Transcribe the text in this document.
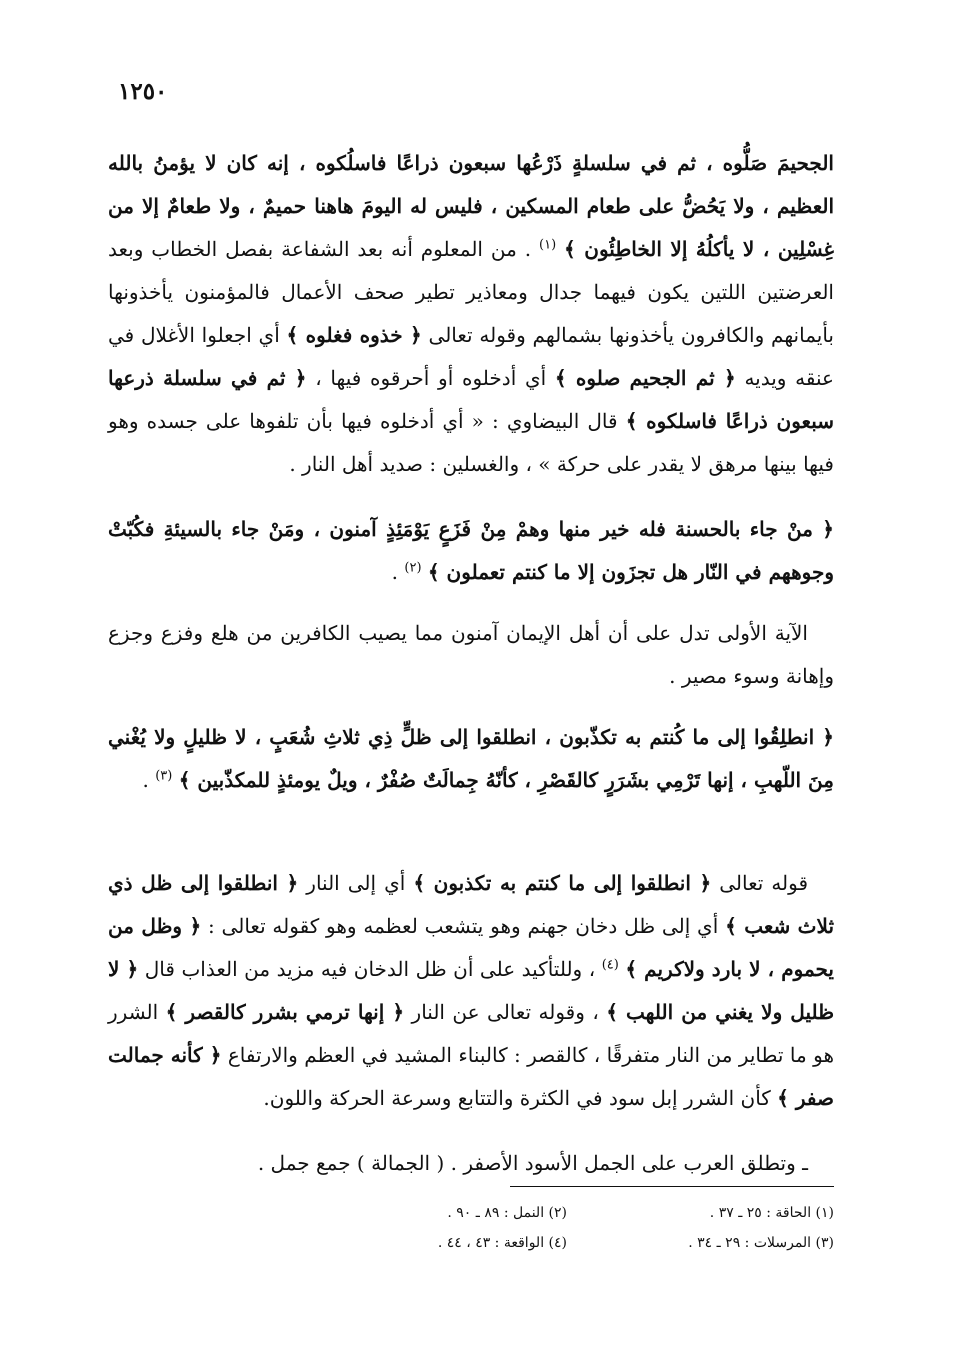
١٢٥٠

الجحيمَ صَلُّوه ، ثم في سلسلةٍ ذَرْعُها سبعون ذراعًا فاسلُكوه ، إنه كان لا يؤمنُ بالله العظيم ، ولا يَحُضُّ على طعام المسكين ، فليس له اليومَ هاهنا حميمٌ ، ولا طعامٌ إلا من غِسْلِين ، لا يأكلُهُ إلا الخاطِئُون ﴾ $^{(١)}$ . من المعلوم أنه بعد الشفاعة بفصل الخطاب وبعد العرضتين اللتين يكون فيهما جدال ومعاذير تطير صحف الأعمال فالمؤمنون يأخذونها بأيمانهم والكافرون يأخذونها بشمالهم وقوله تعالى ﴿ خذوه فغلوه ﴾ أي اجعلوا الأغلال في عنقه ويديه ﴿ ثم الجحيم صلوه ﴾ أي أدخلوه أو أحرقوه فيها ، ﴿ ثم في سلسلة ذرعها سبعون ذراعًا فاسلكوه ﴾ قال البيضاوي : « أي أدخلوه فيها بأن تلفوها على جسده وهو فيها بينها مرهق لا يقدر على حركة » ، والغسلين : صديد أهل النار .

﴿ منْ جاء بالحسنة فله خير منها وهمْ مِنْ فَزَعٍ يَوْمَئِذٍ آمنون ، ومَنْ جاء بالسيئةِ فكُبّتْ وجوههم في النّار هل تجزَون إلا ما كنتم تعملون ﴾ $^{(٢)}$ .

الآية الأولى تدل على أن أهل الإيمان آمنون مما يصيب الكافرين من هلع وفزع وجزع وإهانة وسوء مصير .

﴿ انطلِقُوا إلى ما كُنتم به تكذّبون ، انطلقوا إلى ظلٍّ ذِي ثلاثِ شُعَبٍ ، لا ظليلٍ ولا يُغْني مِنَ اللّهبِ ، إنها تَرْمِي بشَرَرٍ كالقَصْرِ ، كأنّهُ جِمالَتٌ صُفْرٌ ، ويلٌ يومئذٍ للمكذّبين ﴾ $^{(٣)}$ .

قوله تعالى ﴿ انطلقوا إلى ما كنتم به تكذبون ﴾ أي إلى النار ﴿ انطلقوا إلى ظل ذي ثلاث شعب ﴾ أي إلى ظل دخان جهنم وهو يتشعب لعظمه وهو كقوله تعالى : ﴿ وظل من يحموم ، لا بارد ولاكريم ﴾ $^{(٤)}$ ، وللتأكيد على أن ظل الدخان فيه مزيد من العذاب قال ﴿ لا ظليل ولا يغني من اللهب ﴾ ، وقوله تعالى عن النار ﴿ إنها ترمي بشرر كالقصر ﴾ الشرر هو ما تطاير من النار متفرقًا ، كالقصر : كالبناء المشيد في العظم والارتفاع ﴿ كأنه جمالت صفر ﴾ كأن الشرر إبل سود في الكثرة والتتابع وسرعة الحركة واللون.

ـ وتطلق العرب على الجمل الأسود الأصفر . ( الجمالة ) جمع جمل .

(١) الحاقة : ٢٥ ـ ٣٧ .
(٢) النمل : ٨٩ ـ ٩٠ .
(٣) المرسلات : ٢٩ ـ ٣٤ .
(٤) الواقعة : ٤٣ ، ٤٤ .
